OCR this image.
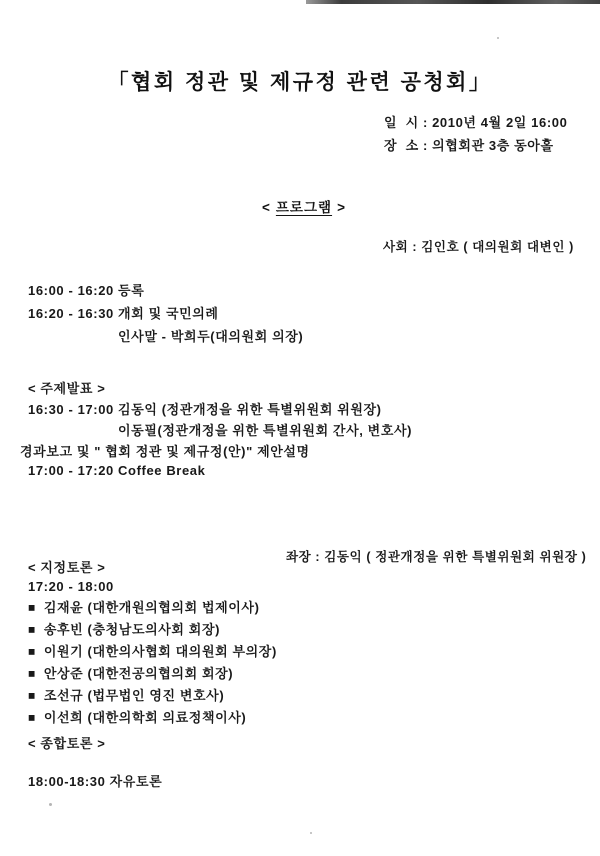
「협회 정관 및 제규정 관련 공청회」
일  시 : 2010년 4월 2일 16:00
장  소 : 의협회관 3층 동아홀
< 프로그램 >
사회 : 김인호 ( 대의원회 대변인 )
16:00 - 16:20 등록
16:20 - 16:30 개회 및 국민의례
인사말 - 박희두(대의원회 의장)
< 주제발표 >
16:30 - 17:00 김동익 (정관개정을 위한 특별위원회 위원장)
이동필(정관개정을 위한 특별위원회 간사, 변호사)
경과보고 및 " 협회 정관 및 제규정(안)" 제안설명
17:00 - 17:20 Coffee Break
좌장 : 김동익 ( 정관개정을 위한 특별위원회 위원장 )
< 지정토론 >
17:20 - 18:00
■ 김재윤 (대한개원의협의회 법제이사)
■ 송후빈 (충청남도의사회 회장)
■ 이원기 (대한의사협회 대의원회 부의장)
■ 안상준 (대한전공의협의회 회장)
■ 조선규 (법무법인 영진 변호사)
■ 이선희 (대한의학회 의료정책이사)
< 종합토론 >
18:00-18:30 자유토론
